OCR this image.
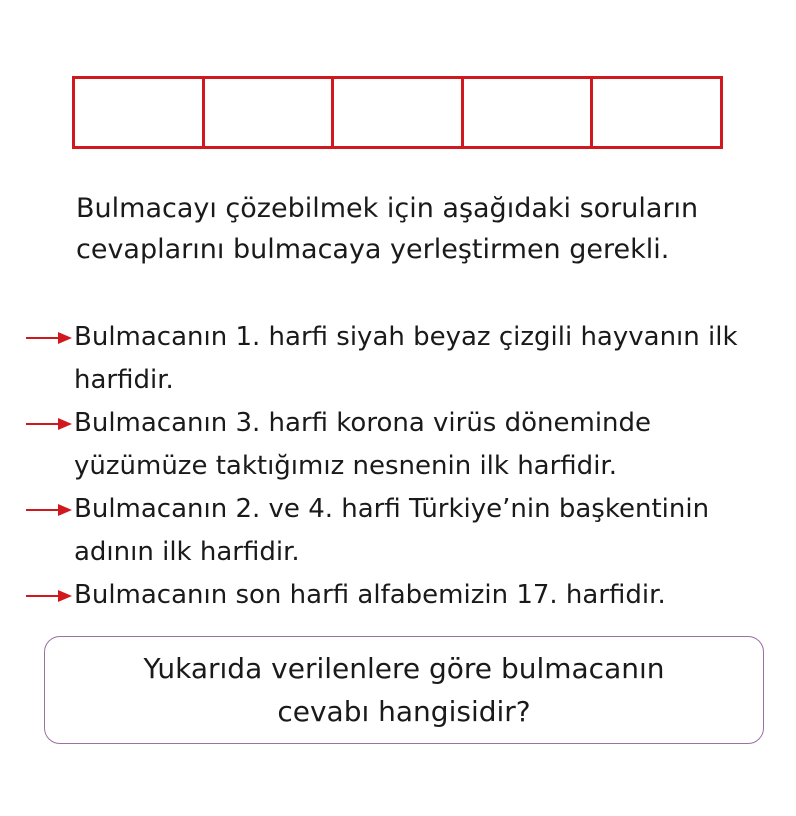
Bulmacayı çözebilmek için aşağıdaki soruların cevaplarını bulmacaya yerleştirmen gerekli.

Bulmacanın 1. harfi siyah beyaz çizgili hayvanın ilk harfidir.
Bulmacanın 3. harfi korona virüs döneminde yüzümüze taktığımız nesnenin ilk harfidir.
Bulmacanın 2. ve 4. harfi Türkiye’nin başkentinin adının ilk harfidir.
Bulmacanın son harfi alfabemizin 17. harfidir.

Yukarıda verilenlere göre bulmacanın cevabı hangisidir?
